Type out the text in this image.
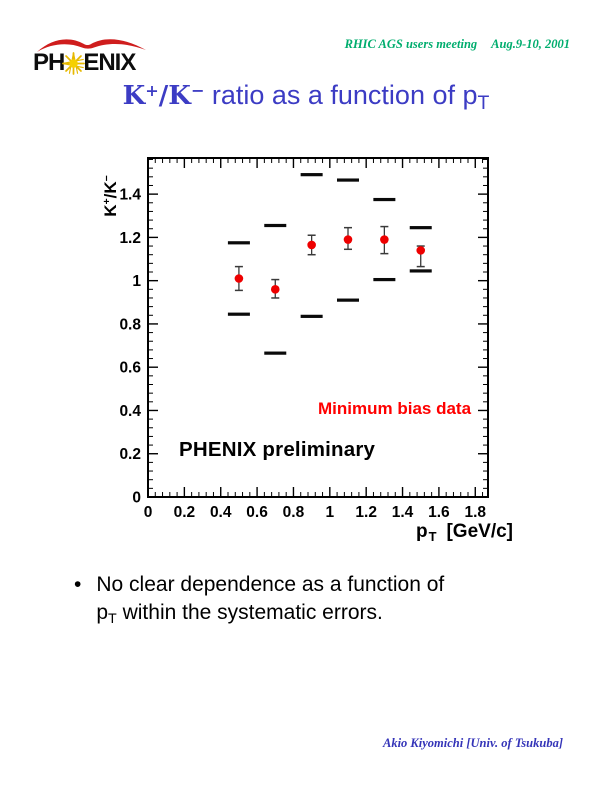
PH ENIX
RHIC AGS users meeting Aug.9-10, 2001
K+/K− ratio as a function of $p_T$
0 0.2 0.4 0.6 0.8 1 1.2 1.4 1.6 1.8
0
0.2
0.4
0.6
0.8
1
1.2
1.4
K+/K−
$p_T$ [GeV/c]
PHENIX preliminary
Minimum bias data
• No clear dependence as a function of
$p_T$ within the systematic errors.
Akio Kiyomichi [Univ. of Tsukuba]
